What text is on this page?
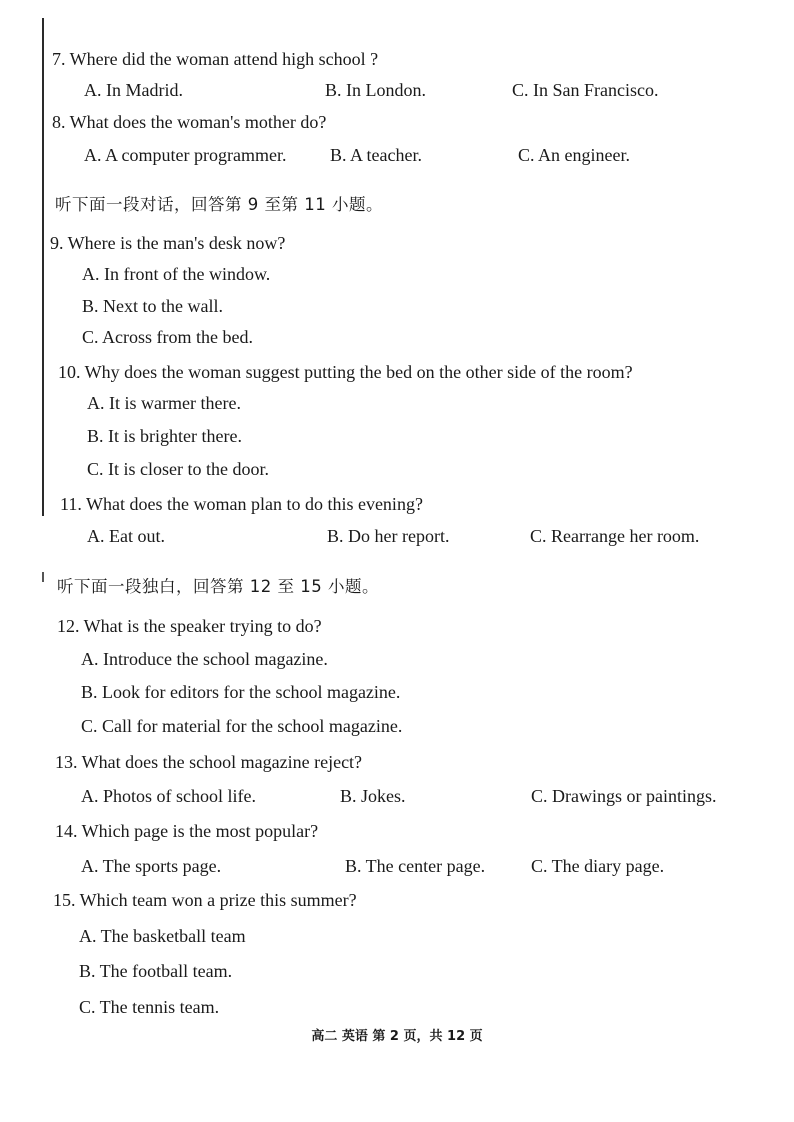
7. Where did the woman attend high school ?
A. In Madrid.	B. In London.	C. In San Francisco.
8. What does the woman's mother do?
A. A computer programmer. B. A teacher.	C. An engineer.
听下面一段对话，回答第 9 至第 11 小题。
9. Where is the man's desk now?
A. In front of the window.
B. Next to the wall.
C. Across from the bed.
10. Why does the woman suggest putting the bed on the other side of the room?
A. It is warmer there.
B. It is brighter there.
C. It is closer to the door.
11. What does the woman plan to do this evening?
A. Eat out.	B. Do her report.	C. Rearrange her room.
听下面一段独白，回答第 12 至 15 小题。
12. What is the speaker trying to do?
A. Introduce the school magazine.
B. Look for editors for the school magazine.
C. Call for material for the school magazine.
13. What does the school magazine reject?
A. Photos of school life.	B. Jokes.	C. Drawings or paintings.
14. Which page is the most popular?
A. The sports page.	B. The center page.	C. The diary page.
15. Which team won a prize this summer?
A. The basketball team
B. The football team.
C. The tennis team.
高二 英语 第 2 页，共 12 页
